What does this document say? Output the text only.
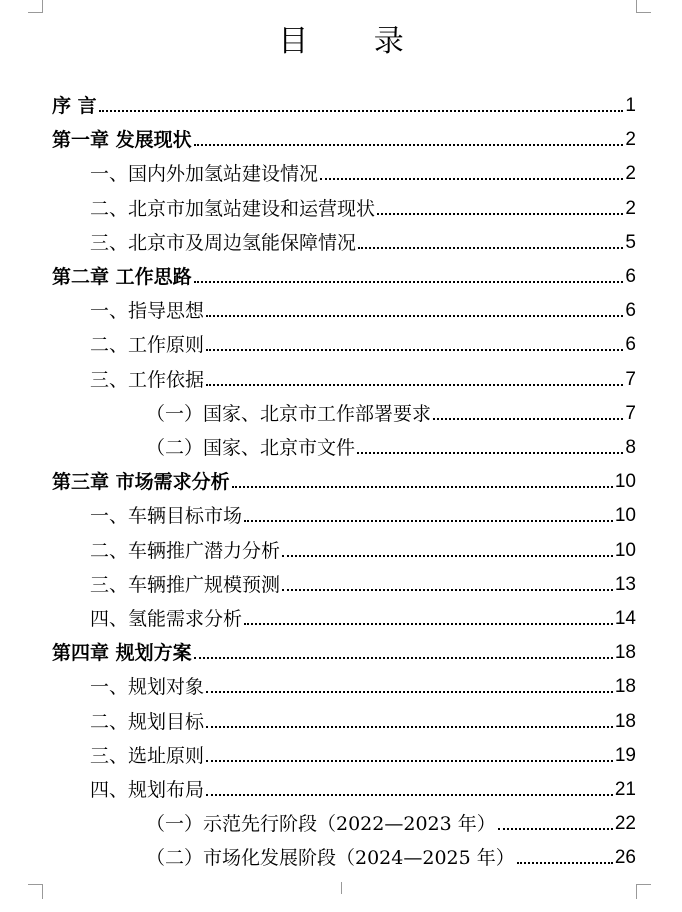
目 录
序 言	1
第一章 发展现状	2
一、国内外加氢站建设情况	2
二、北京市加氢站建设和运营现状	2
三、北京市及周边氢能保障情况	5
第二章 工作思路	6
一、指导思想	6
二、工作原则	6
三、工作依据	7
（一）国家、北京市工作部署要求	7
（二）国家、北京市文件	8
第三章 市场需求分析	10
一、车辆目标市场	10
二、车辆推广潜力分析	10
三、车辆推广规模预测	13
四、氢能需求分析	14
第四章 规划方案	18
一、规划对象	18
二、规划目标	18
三、选址原则	19
四、规划布局	21
（一）示范先行阶段（2022—2023 年）	22
（二）市场化发展阶段（2024—2025 年）	26
